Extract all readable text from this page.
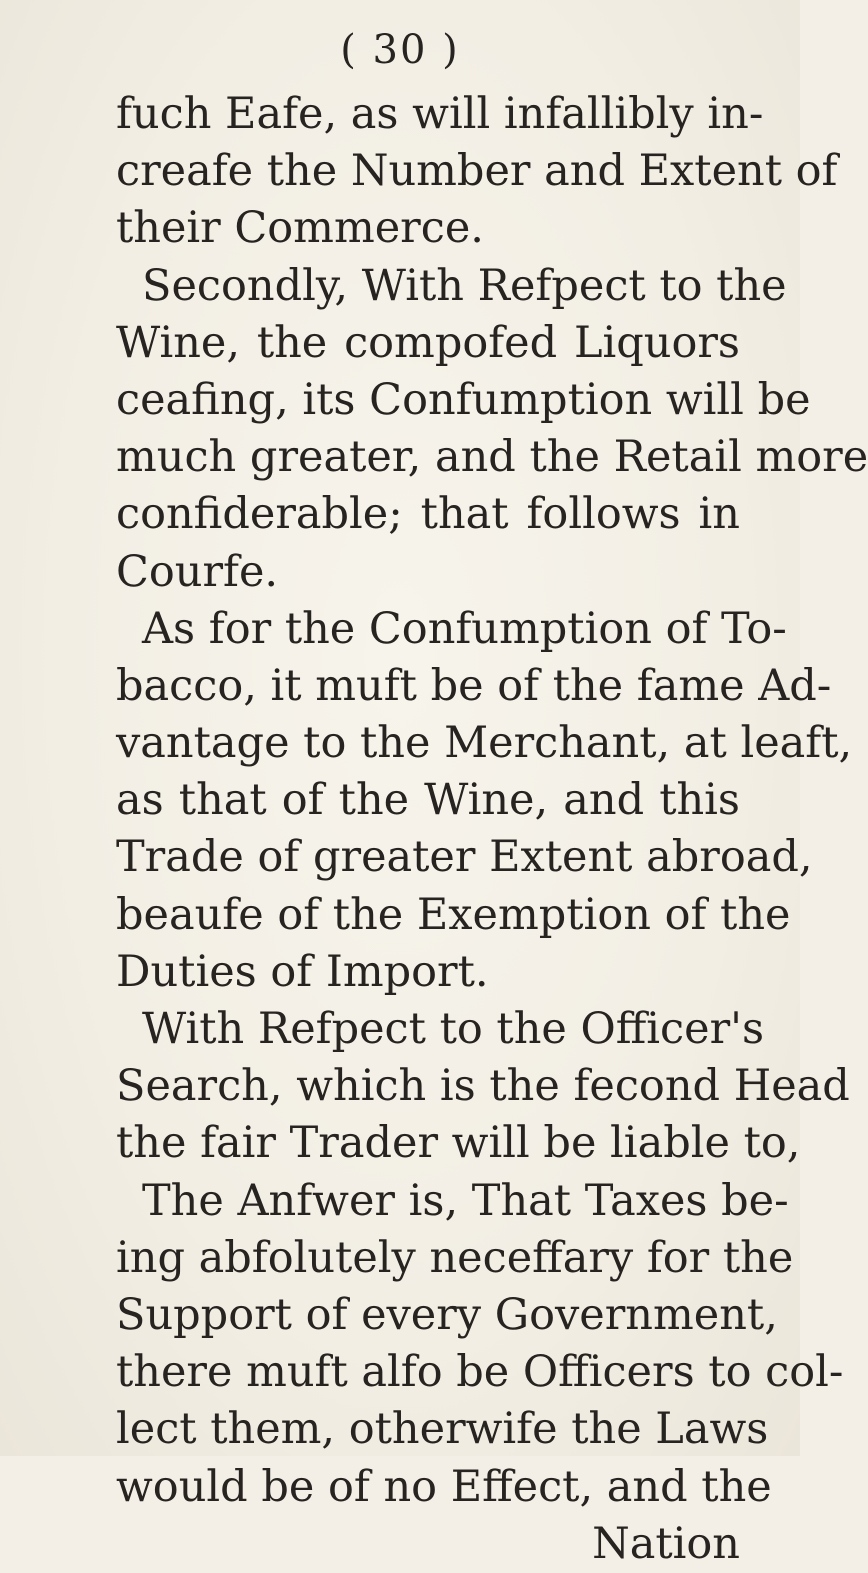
( 30 )
fuch Eafe, as will infallibly in-
creafe the Number and Extent of
their Commerce.
Secondly, With Refpect to the
Wine, the compofed Liquors
ceafing, its Confumption will be
much greater, and the Retail more
confiderable; that follows in
Courfe.
As for the Confumption of To-
bacco, it muft be of the fame Ad-
vantage to the Merchant, at leaft,
as that of the Wine, and this
Trade of greater Extent abroad,
beaufe of the Exemption of the
Duties of Import.
With Refpect to the Officer's
Search, which is the fecond Head
the fair Trader will be liable to,
The Anfwer is, That Taxes be-
ing abfolutely neceffary for the
Support of every Government,
there muft alfo be Officers to col-
lect them, otherwife the Laws
would be of no Effect, and the
Nation
